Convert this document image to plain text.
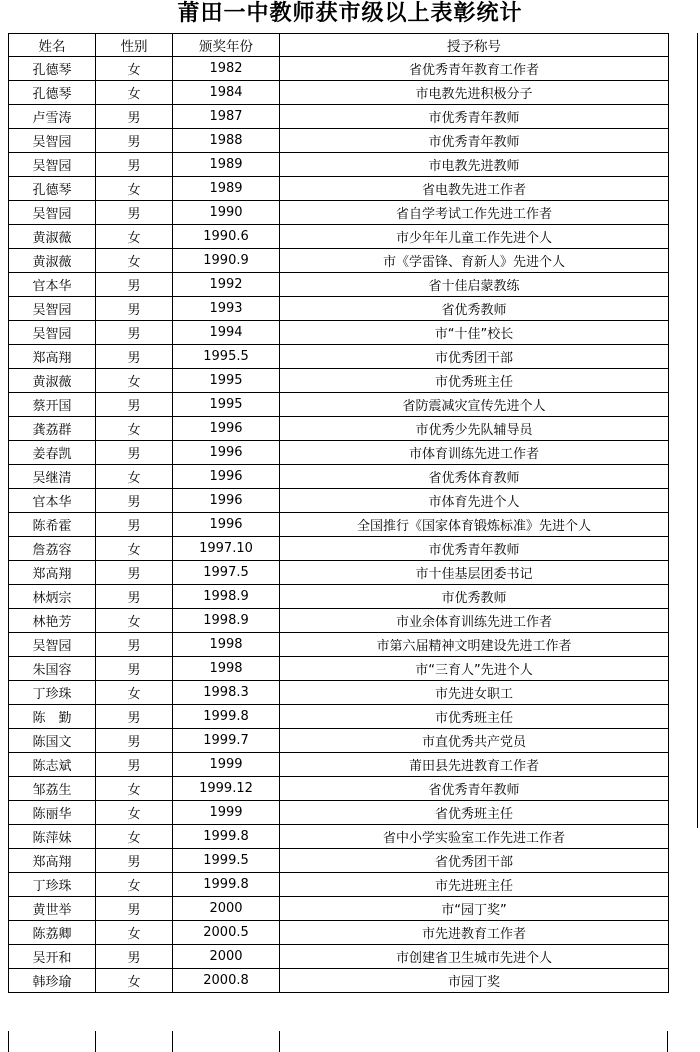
莆田一中教师获市级以上表彰统计
姓名	性别	颁奖年份	授予称号
孔德琴	女	1982	省优秀青年教育工作者
孔德琴	女	1984	市电教先进积极分子
卢雪涛	男	1987	市优秀青年教师
吴智园	男	1988	市优秀青年教师
吴智园	男	1989	市电教先进教师
孔德琴	女	1989	省电教先进工作者
吴智园	男	1990	省自学考试工作先进工作者
黄淑薇	女	1990.6	市少年年儿童工作先进个人
黄淑薇	女	1990.9	市《学雷锋、育新人》先进个人
官本华	男	1992	省十佳启蒙教练
吴智园	男	1993	省优秀教师
吴智园	男	1994	市“十佳”校长
郑高翔	男	1995.5	市优秀团干部
黄淑薇	女	1995	市优秀班主任
蔡开国	男	1995	省防震减灾宣传先进个人
龚荔群	女	1996	市优秀少先队辅导员
姜春凯	男	1996	市体育训练先进工作者
吴继清	女	1996	省优秀体育教师
官本华	男	1996	市体育先进个人
陈希霍	男	1996	全国推行《国家体育锻炼标准》先进个人
詹荔容	女	1997.10	市优秀青年教师
郑高翔	男	1997.5	市十佳基层团委书记
林炳宗	男	1998.9	市优秀教师
林艳芳	女	1998.9	市业余体育训练先进工作者
吴智园	男	1998	市第六届精神文明建设先进工作者
朱国容	男	1998	市“三育人”先进个人
丁珍珠	女	1998.3	市先进女职工
陈　勤	男	1999.8	市优秀班主任
陈国文	男	1999.7	市直优秀共产党员
陈志斌	男	1999	莆田县先进教育工作者
邹荔生	女	1999.12	省优秀青年教师
陈丽华	女	1999	省优秀班主任
陈萍妹	女	1999.8	省中小学实验室工作先进工作者
郑高翔	男	1999.5	省优秀团干部
丁珍珠	女	1999.8	市先进班主任
黄世举	男	2000	市“园丁奖”
陈荔卿	女	2000.5	市先进教育工作者
吴开和	男	2000	市创建省卫生城市先进个人
韩珍瑜	女	2000.8	市园丁奖
